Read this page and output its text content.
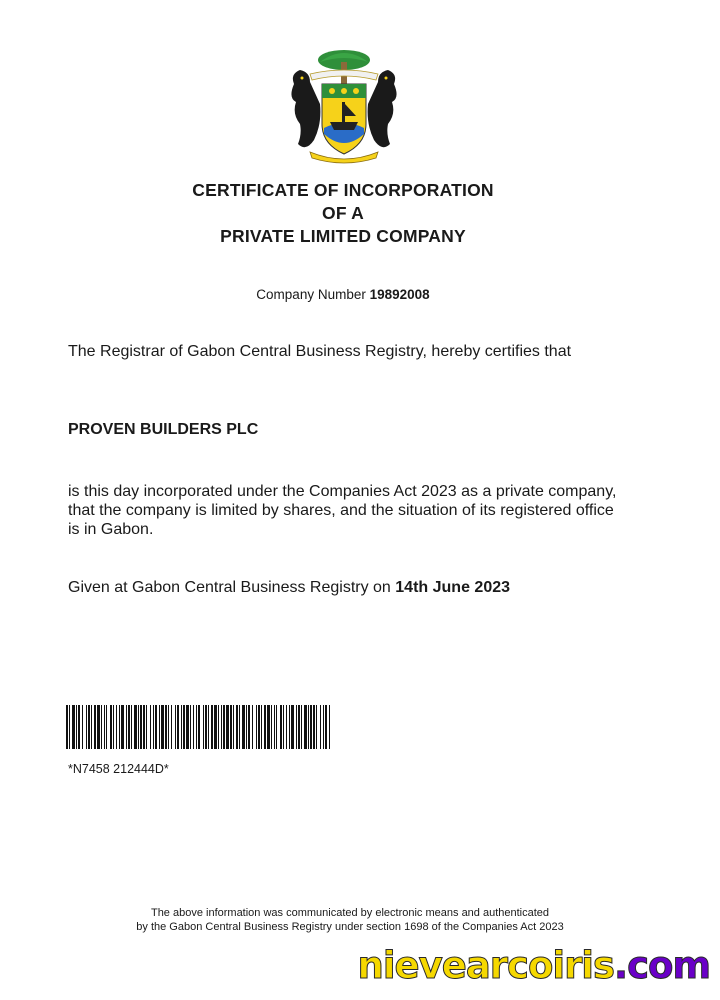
CERTIFICATE OF INCORPORATION
OF A
PRIVATE LIMITED COMPANY
Company Number 19892008
The Registrar of Gabon Central Business Registry, hereby certifies that
PROVEN BUILDERS PLC
is this day incorporated under the Companies Act 2023 as a private company, that the company is limited by shares, and the situation of its registered office is in Gabon.
Given at Gabon Central Business Registry on 14th June 2023
*N7458 212444D*
The above information was communicated by electronic means and authenticated
by the Gabon Central Business Registry under section 1698 of the Companies Act 2023
nievearcoiris.com
